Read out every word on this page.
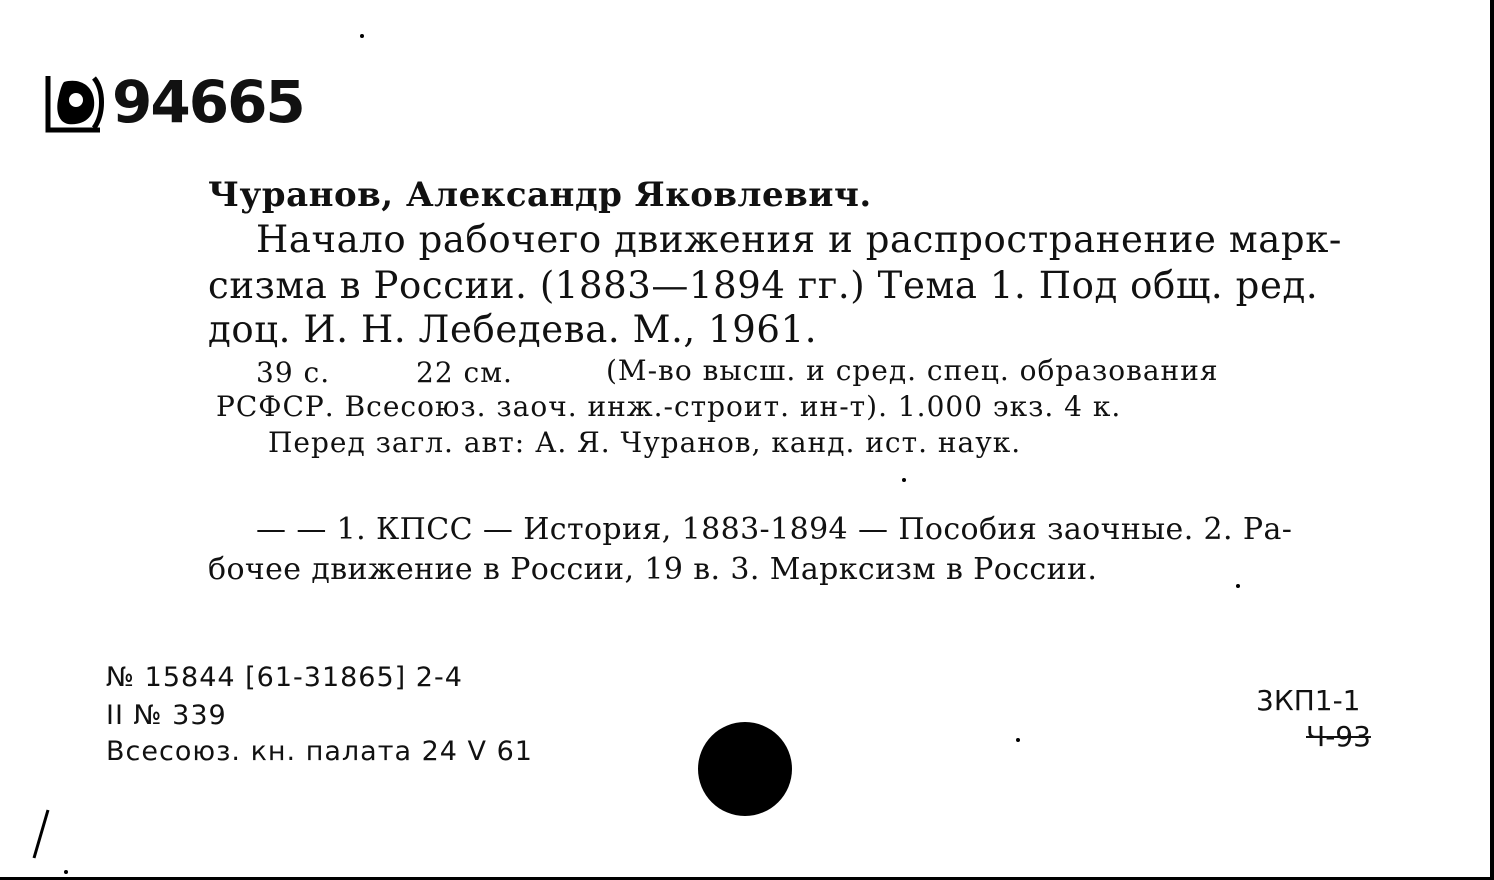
94665
Чуранов, Александр Яковлевич.
Начало рабочего движения и распространение марк-
сизма в России. (1883—1894 гг.) Тема 1. Под общ. ред.
доц. И. Н. Лебедева. М., 1961.
39 с.	22 см.	(М-во высш. и сред. спец. образования
РСФСР. Всесоюз. заоч. инж.-строит. ин-т). 1.000 экз. 4 к.
Перед загл. авт: А. Я. Чуранов, канд. ист. наук.
— — 1. КПСС — История, 1883-1894 — Пособия заочные. 2. Ра-
бочее движение в России, 19 в. 3. Марксизм в России.
№ 15844 [61-31865] 2-4
II № 339
Всесоюз. кн. палата 24 V 61
3КП1-1
Ч-93
